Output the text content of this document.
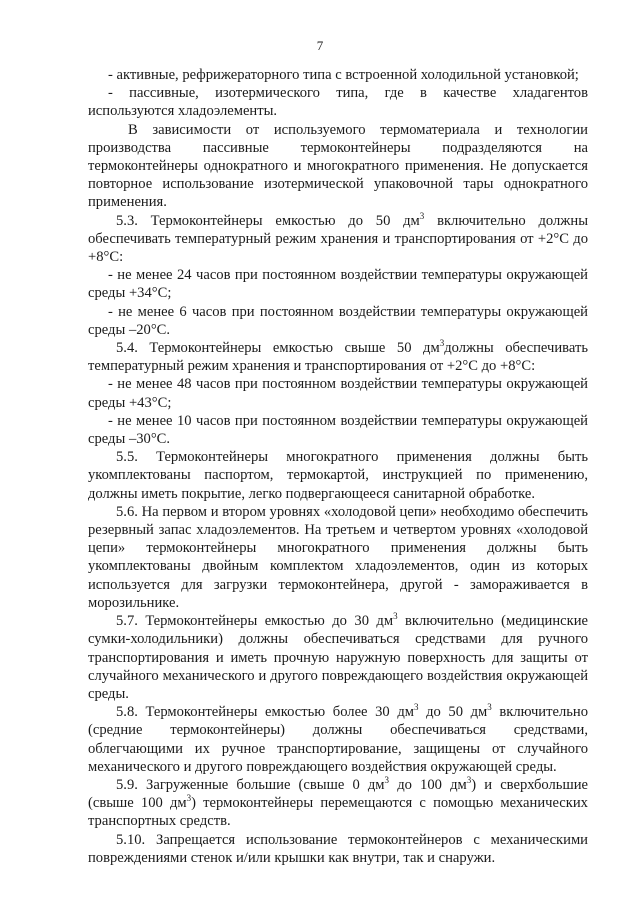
7

- активные, рефрижераторного типа с встроенной холодильной установкой;

- пассивные, изотермического типа, где в качестве хладагентов используются хладоэлементы.

В зависимости от используемого термоматериала и технологии производства пассивные термоконтейнеры подразделяются на термоконтейнеры однократного и многократного применения. Не допускается повторное использование изотермической упаковочной тары однократного применения.

5.3. Термоконтейнеры емкостью до 50 $дм^3$ включительно должны обеспечивать температурный режим хранения и транспортирования от +2°С до +8°С:

- не менее 24 часов при постоянном воздействии температуры окружающей среды +34°С;

- не менее 6 часов при постоянном воздействии температуры окружающей среды –20°С.

5.4. Термоконтейнеры емкостью свыше 50 $дм^3должны$ обеспечивать температурный режим хранения и транспортирования от +2°С до +8°С:

- не менее 48 часов при постоянном воздействии температуры окружающей среды +43°С;

- не менее 10 часов при постоянном воздействии температуры окружающей среды –30°С.

5.5. Термоконтейнеры многократного применения должны быть укомплектованы паспортом, термокартой, инструкцией по применению, должны иметь покрытие, легко подвергающееся санитарной обработке.

5.6. На первом и втором уровнях «холодовой цепи» необходимо обеспечить резервный запас хладоэлементов. На третьем и четвертом уровнях «холодовой цепи» термоконтейнеры многократного применения должны быть укомплектованы двойным комплектом хладоэлементов, один из которых используется для загрузки термоконтейнера, другой - замораживается в морозильнике.

5.7. Термоконтейнеры емкостью до 30 $дм^3$ включительно (медицинские сумки-холодильники) должны обеспечиваться средствами для ручного транспортирования и иметь прочную наружную поверхность для защиты от случайного механического и другого повреждающего воздействия окружающей среды.

5.8. Термоконтейнеры емкостью более 30 $дм^3$ до 50 $дм^3$ включительно (средние термоконтейнеры) должны обеспечиваться средствами, облегчающими их ручное транспортирование, защищены от случайного механического и другого повреждающего воздействия окружающей среды.

5.9. Загруженные большие (свыше 0 $дм^3$ до 100 $дм^3$) и сверхбольшие (свыше 100 $дм^3$) термоконтейнеры перемещаются с помощью механических транспортных средств.

5.10. Запрещается использование термоконтейнеров с механическими повреждениями стенок и/или крышки как внутри, так и снаружи.
